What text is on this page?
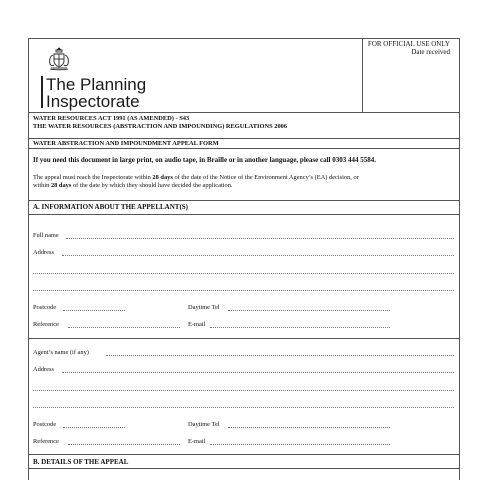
FOR OFFICIAL USE ONLY
Date received
The Planning
Inspectorate
WATER RESOURCES ACT 1991 (AS AMENDED) - S43
THE WATER RESOURCES (ABSTRACTION AND IMPOUNDING) REGULATIONS 2006
WATER ABSTRACTION AND IMPOUNDMENT APPEAL FORM
If you need this document in large print, on audio tape, in Braille or in another language, please call 0303 444 5584.
The appeal must reach the Inspectorate within 28 days of the date of the Notice of the Environment Agency’s (EA) decision, or
within 28 days of the date by which they should have decided the application.
A. INFORMATION ABOUT THE APPELLANT(S)
Full name
Address
Postcode	Daytime Tel
Reference	E-mail
Agent’s name (if any)
Address
Postcode	Daytime Tel
Reference	E-mail
B. DETAILS OF THE APPEAL
